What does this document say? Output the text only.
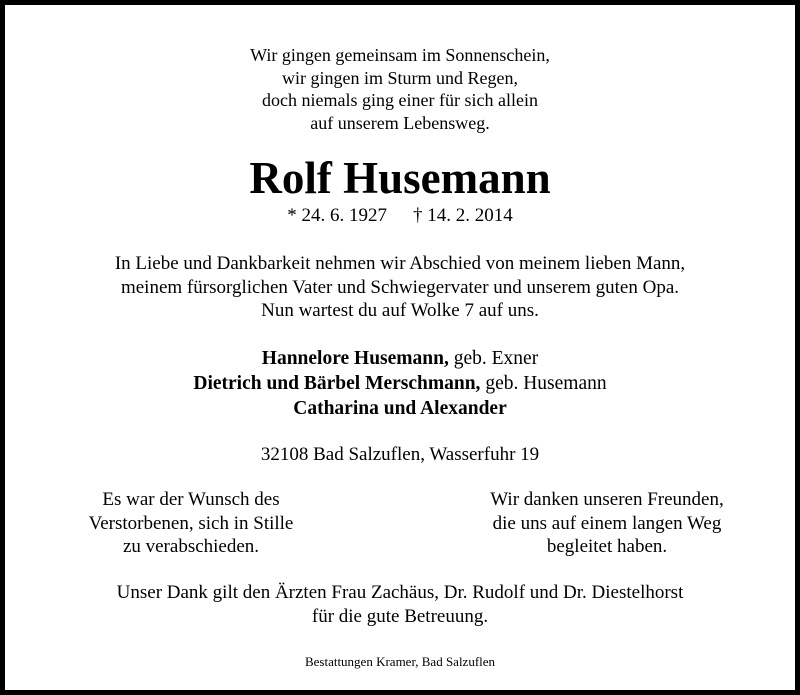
Wir gingen gemeinsam im Sonnenschein,
wir gingen im Sturm und Regen,
doch niemals ging einer für sich allein
auf unserem Lebensweg.
Rolf Husemann
* 24. 6. 1927 † 14. 2. 2014
In Liebe und Dankbarkeit nehmen wir Abschied von meinem lieben Mann,
meinem fürsorglichen Vater und Schwiegervater und unserem guten Opa.
Nun wartest du auf Wolke 7 auf uns.
Hannelore Husemann, geb. Exner
Dietrich und Bärbel Merschmann, geb. Husemann
Catharina und Alexander
32108 Bad Salzuflen, Wasserfuhr 19
Es war der Wunsch des
Verstorbenen, sich in Stille
zu verabschieden.
Wir danken unseren Freunden,
die uns auf einem langen Weg
begleitet haben.
Unser Dank gilt den Ärzten Frau Zachäus, Dr. Rudolf und Dr. Diestelhorst
für die gute Betreuung.
Bestattungen Kramer, Bad Salzuflen
